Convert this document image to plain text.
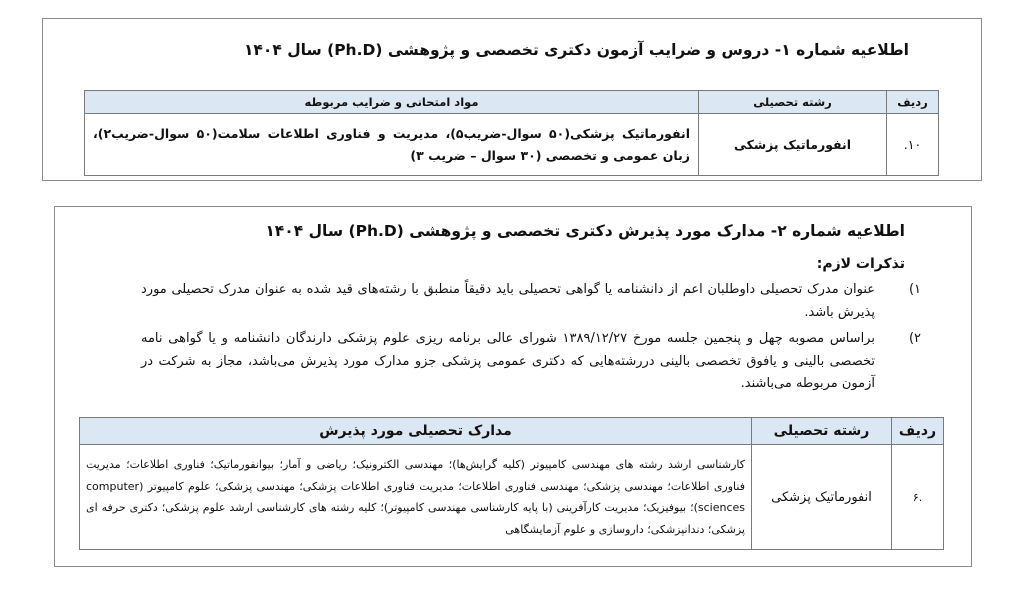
اطلاعیه شماره ۱- دروس و ضرایب آزمون دکتری تخصصی و پژوهشی (Ph.D) سال ۱۴۰۴
ردیف	رشته تحصیلی	مواد امتحانی و ضرایب مربوطه
۱۰.	انفورماتیک پزشکی	انفورماتیک پزشکی(۵۰ سوال-ضریب۵)، مدیریت و فناوری اطلاعات سلامت(۵۰ سوال-ضریب۲)، زبان عمومی و تخصصی (۳۰ سوال – ضریب ۳)
اطلاعیه شماره ۲- مدارک مورد پذیرش دکتری تخصصی و پژوهشی (Ph.D) سال ۱۴۰۴
تذکرات لازم:
۱)
عنوان مدرک تحصیلی داوطلبان اعم از دانشنامه یا گواهی تحصیلی باید دقیقاً منطبق با رشته‌های قید شده به عنوان مدرک تحصیلی مورد پذیرش باشد.
۲)
براساس مصوبه چهل و پنجمین جلسه مورخ ۱۳۸۹/۱۲/۲۷ شورای عالی برنامه ریزی علوم پزشکی دارندگان دانشنامه و یا گواهی نامه تخصصی بالینی و یافوق تخصصی بالینی دررشته‌هایی که دکتری عمومی پزشکی جزو مدارک مورد پذیرش می‌باشد، مجاز به شرکت در آزمون مربوطه می‌باشند.
ردیف	رشته تحصیلی	مدارک تحصیلی مورد پذیرش
.۶	انفورماتیک پزشکی	کارشناسی ارشد رشته های مهندسی کامپیوتر (کلیه گرایش‌ها)؛ مهندسی الکترونیک؛ ریاضی و آمار؛ بیوانفورماتیک؛ فناوری اطلاعات؛ مدیریت فناوری اطلاعات؛ مهندسی پزشکی؛ مهندسی فناوری اطلاعات؛ مدیریت فناوری اطلاعات پزشکی؛ مهندسی پزشکی؛ علوم کامپیوتر (computer sciences)؛ بیوفیزیک؛ مدیریت کارآفرینی (با پایه کارشناسی مهندسی کامپیوتر)؛ کلیه رشته های کارشناسی ارشد علوم پزشکی؛ دکتری حرفه ای پزشکی؛ دندانپزشکی؛ داروسازی و علوم آزمایشگاهی
